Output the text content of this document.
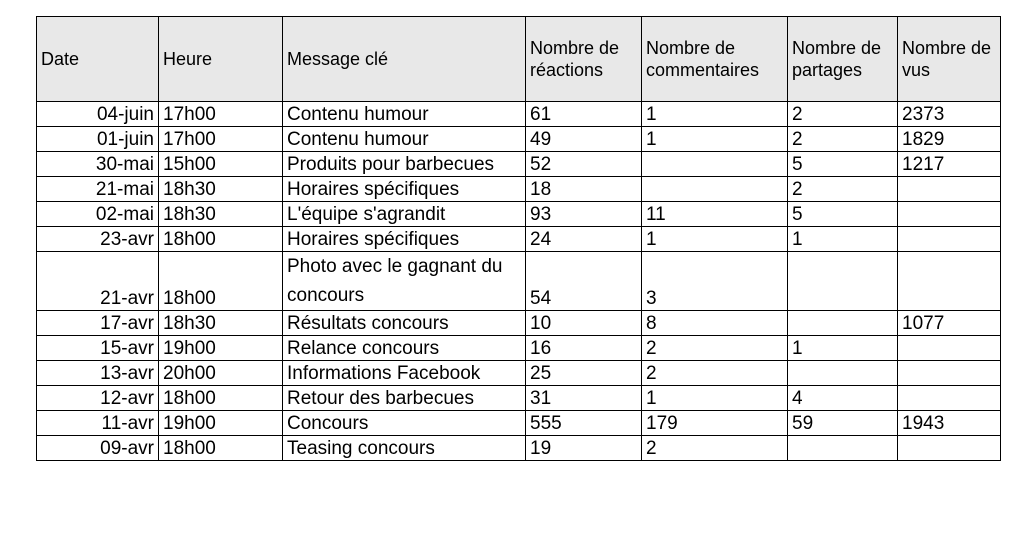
Date	Heure	Message clé	Nombre de réactions	Nombre de commentaires	Nombre de partages	Nombre de vus
04-juin	17h00	Contenu humour	61	1	2	2373
01-juin	17h00	Contenu humour	49	1	2	1829
30-mai	15h00	Produits pour barbecues	52		5	1217
21-mai	18h30	Horaires spécifiques	18		2	
02-mai	18h30	L'équipe s'agrandit	93	11	5	
23-avr	18h00	Horaires spécifiques	24	1	1	
21-avr	18h00	Photo avec le gagnant du concours	54	3		
17-avr	18h30	Résultats concours	10	8		1077
15-avr	19h00	Relance concours	16	2	1	
13-avr	20h00	Informations Facebook	25	2		
12-avr	18h00	Retour des barbecues	31	1	4	
11-avr	19h00	Concours	555	179	59	1943
09-avr	18h00	Teasing concours	19	2		
